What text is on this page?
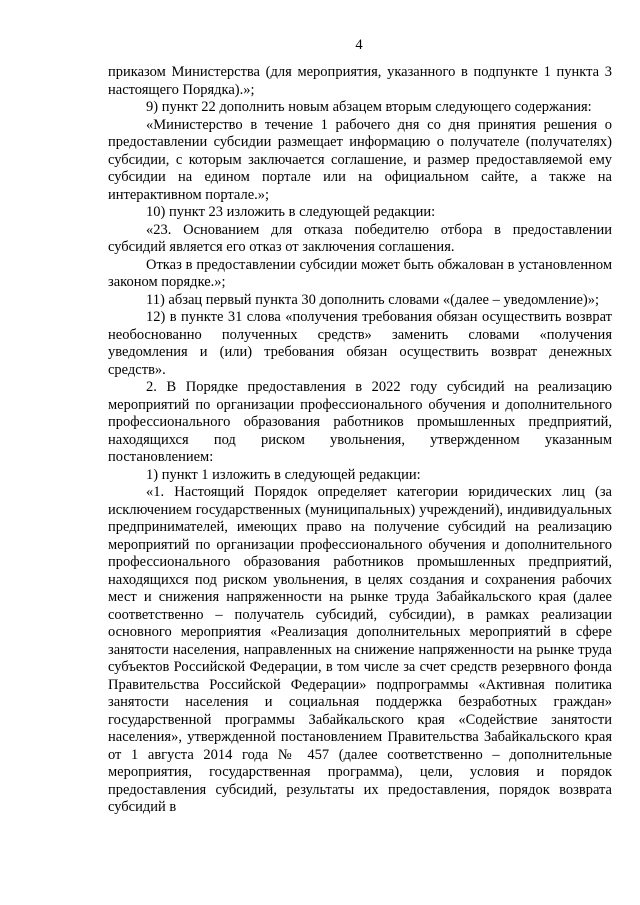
4

приказом Министерства (для мероприятия, указанного в подпункте 1 пункта 3 настоящего Порядка).»;

9) пункт 22 дополнить новым абзацем вторым следующего содержания:

«Министерство в течение 1 рабочего дня со дня принятия решения о предоставлении субсидии размещает информацию о получателе (получателях) субсидии, с которым заключается соглашение, и размер предоставляемой ему субсидии на едином портале или на официальном сайте, а также на интерактивном портале.»;

10) пункт 23 изложить в следующей редакции:

«23. Основанием для отказа победителю отбора в предоставлении субсидий является его отказ от заключения соглашения.

Отказ в предоставлении субсидии может быть обжалован в установленном законом порядке.»;

11) абзац первый пункта 30 дополнить словами «(далее – уведомление)»;

12) в пункте 31 слова «получения требования обязан осуществить возврат необоснованно полученных средств» заменить словами «получения уведомления и (или) требования обязан осуществить возврат денежных средств».

2. В Порядке предоставления в 2022 году субсидий на реализацию мероприятий по организации профессионального обучения и дополнительного профессионального образования работников промышленных предприятий, находящихся под риском увольнения, утвержденном указанным постановлением:

1) пункт 1 изложить в следующей редакции:

«1. Настоящий Порядок определяет категории юридических лиц (за исключением государственных (муниципальных) учреждений), индивидуальных предпринимателей, имеющих право на получение субсидий на реализацию мероприятий по организации профессионального обучения и дополнительного профессионального образования работников промышленных предприятий, находящихся под риском увольнения, в целях создания и сохранения рабочих мест и снижения напряженности на рынке труда Забайкальского края (далее соответственно – получатель субсидий, субсидии), в рамках реализации основного мероприятия «Реализация дополнительных мероприятий в сфере занятости населения, направленных на снижение напряженности на рынке труда субъектов Российской Федерации, в том числе за счет средств резервного фонда Правительства Российской Федерации» подпрограммы «Активная политика занятости населения и социальная поддержка безработных граждан» государственной программы Забайкальского края «Содействие занятости населения», утвержденной постановлением Правительства Забайкальского края от 1 августа 2014 года № 457 (далее соответственно – дополнительные мероприятия, государственная программа), цели, условия и порядок предоставления субсидий, результаты их предоставления, порядок возврата субсидий в
